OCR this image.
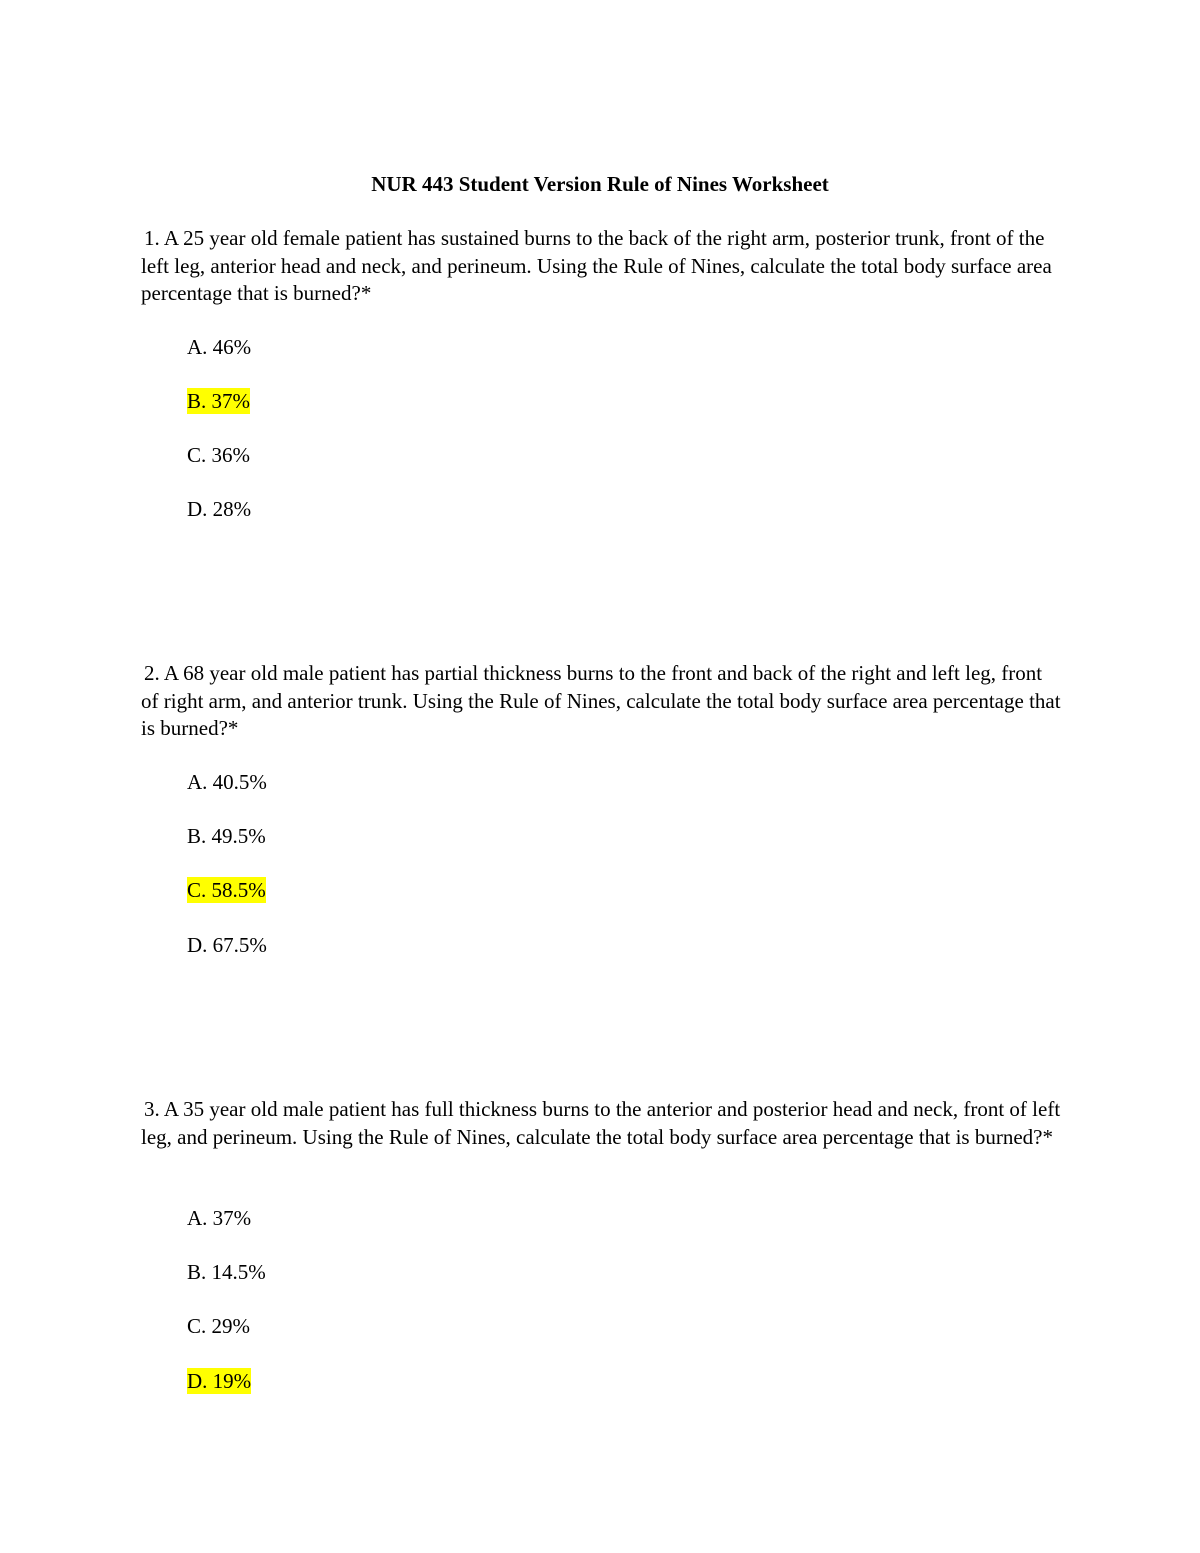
NUR 443 Student Version Rule of Nines Worksheet
1. A 25 year old female patient has sustained burns to the back of the right arm, posterior trunk, front of the left leg, anterior head and neck, and perineum. Using the Rule of Nines, calculate the total body surface area percentage that is burned?*
A. 46%
B. 37%
C. 36%
D. 28%
2. A 68 year old male patient has partial thickness burns to the front and back of the right and left leg, front of right arm, and anterior trunk. Using the Rule of Nines, calculate the total body surface area percentage that is burned?*
A. 40.5%
B. 49.5%
C. 58.5%
D. 67.5%
3. A 35 year old male patient has full thickness burns to the anterior and posterior head and neck, front of left leg, and perineum. Using the Rule of Nines, calculate the total body surface area percentage that is burned?*
A. 37%
B. 14.5%
C. 29%
D. 19%
